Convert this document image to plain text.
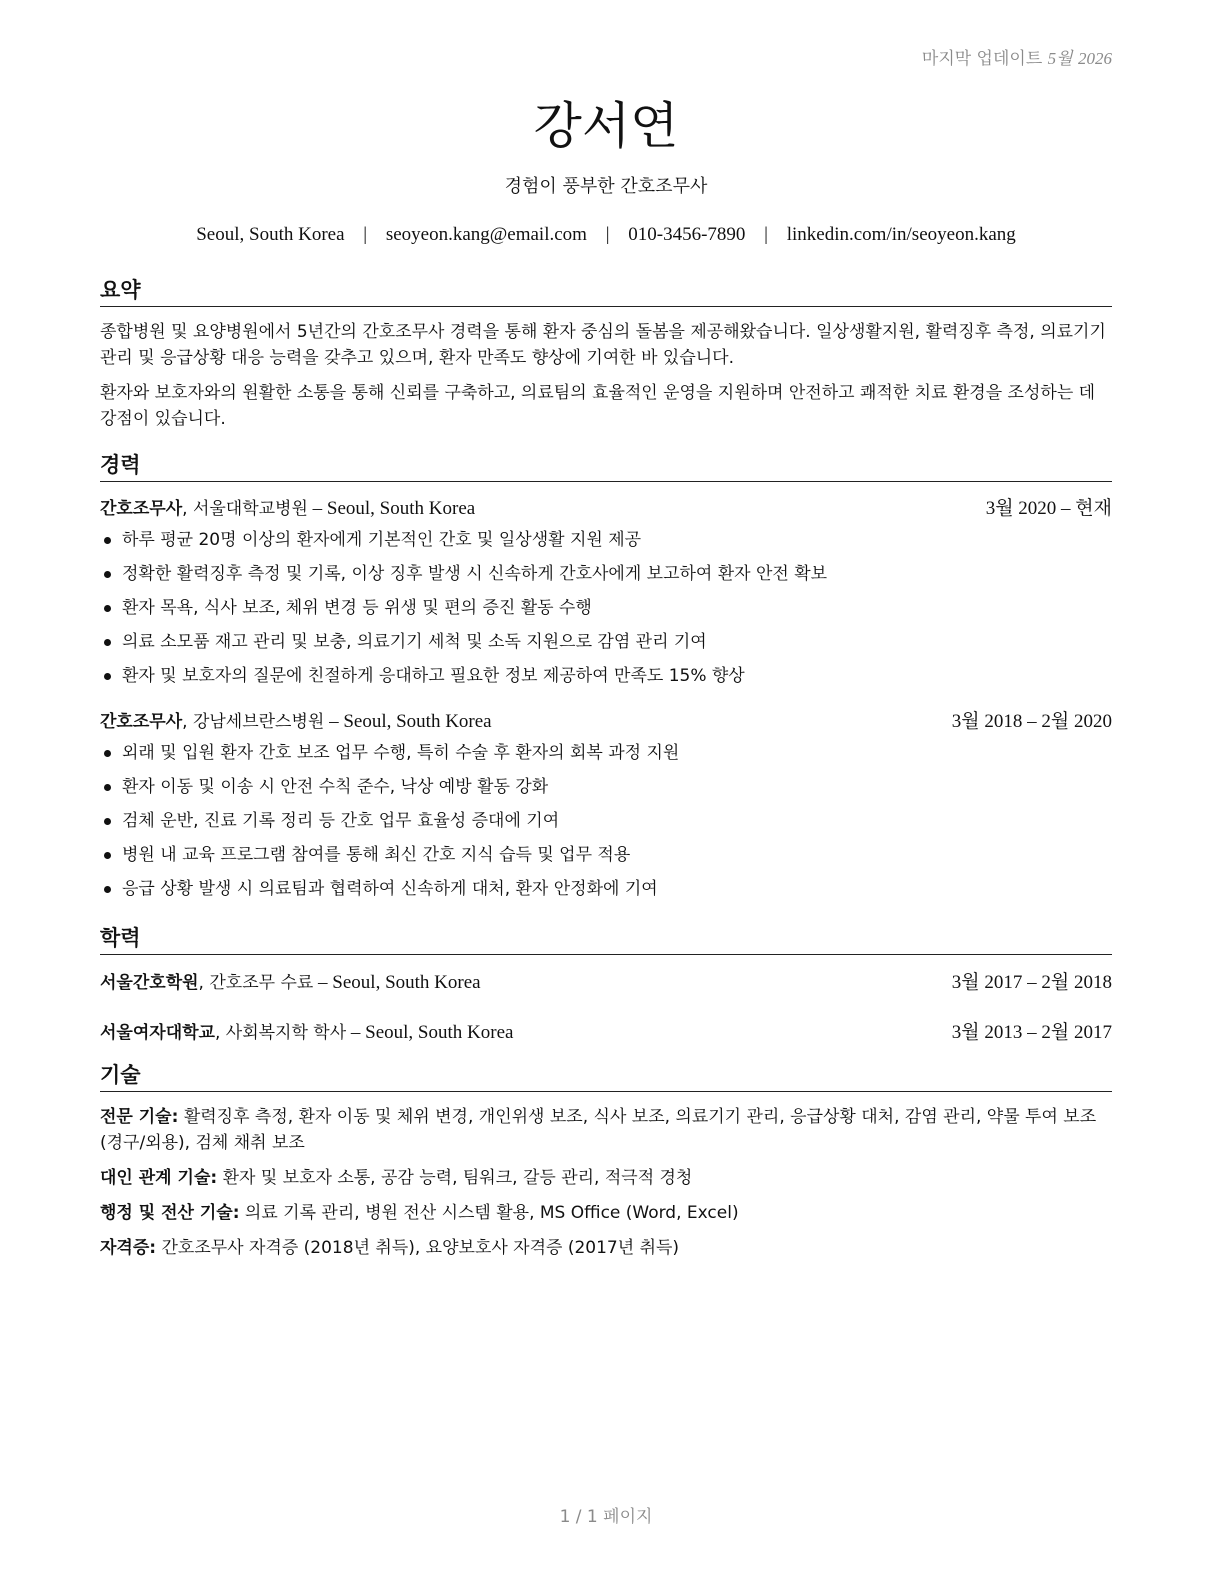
마지막 업데이트 5월 2026
강서연
경험이 풍부한 간호조무사
Seoul, South Korea | seoyeon.kang@email.com | 010-3456-7890 | linkedin.com/in/seoyeon.kang
요약

종합병원 및 요양병원에서 5년간의 간호조무사 경력을 통해 환자 중심의 돌봄을 제공해왔습니다. 일상생활지원, 활력징후 측정, 의료기기 관리 및 응급상황 대응 능력을 갖추고 있으며, 환자 만족도 향상에 기여한 바 있습니다.

환자와 보호자와의 원활한 소통을 통해 신뢰를 구축하고, 의료팀의 효율적인 운영을 지원하며 안전하고 쾌적한 치료 환경을 조성하는 데 강점이 있습니다.

경력
간호조무사, 서울대학교병원 – Seoul, South Korea	3월 2020 – 현재
하루 평균 20명 이상의 환자에게 기본적인 간호 및 일상생활 지원 제공
정확한 활력징후 측정 및 기록, 이상 징후 발생 시 신속하게 간호사에게 보고하여 환자 안전 확보
환자 목욕, 식사 보조, 체위 변경 등 위생 및 편의 증진 활동 수행
의료 소모품 재고 관리 및 보충, 의료기기 세척 및 소독 지원으로 감염 관리 기여
환자 및 보호자의 질문에 친절하게 응대하고 필요한 정보 제공하여 만족도 15% 향상
간호조무사, 강남세브란스병원 – Seoul, South Korea	3월 2018 – 2월 2020
외래 및 입원 환자 간호 보조 업무 수행, 특히 수술 후 환자의 회복 과정 지원
환자 이동 및 이송 시 안전 수칙 준수, 낙상 예방 활동 강화
검체 운반, 진료 기록 정리 등 간호 업무 효율성 증대에 기여
병원 내 교육 프로그램 참여를 통해 최신 간호 지식 습득 및 업무 적용
응급 상황 발생 시 의료팀과 협력하여 신속하게 대처, 환자 안정화에 기여
학력
서울간호학원, 간호조무 수료 – Seoul, South Korea	3월 2017 – 2월 2018
서울여자대학교, 사회복지학 학사 – Seoul, South Korea	3월 2013 – 2월 2017
기술

전문 기술: 활력징후 측정, 환자 이동 및 체위 변경, 개인위생 보조, 식사 보조, 의료기기 관리, 응급상황 대처, 감염 관리, 약물 투여 보조 (경구/외용), 검체 채취 보조

대인 관계 기술: 환자 및 보호자 소통, 공감 능력, 팀워크, 갈등 관리, 적극적 경청

행정 및 전산 기술: 의료 기록 관리, 병원 전산 시스템 활용, MS Office (Word, Excel)

자격증: 간호조무사 자격증 (2018년 취득), 요양보호사 자격증 (2017년 취득)

1 / 1 페이지
